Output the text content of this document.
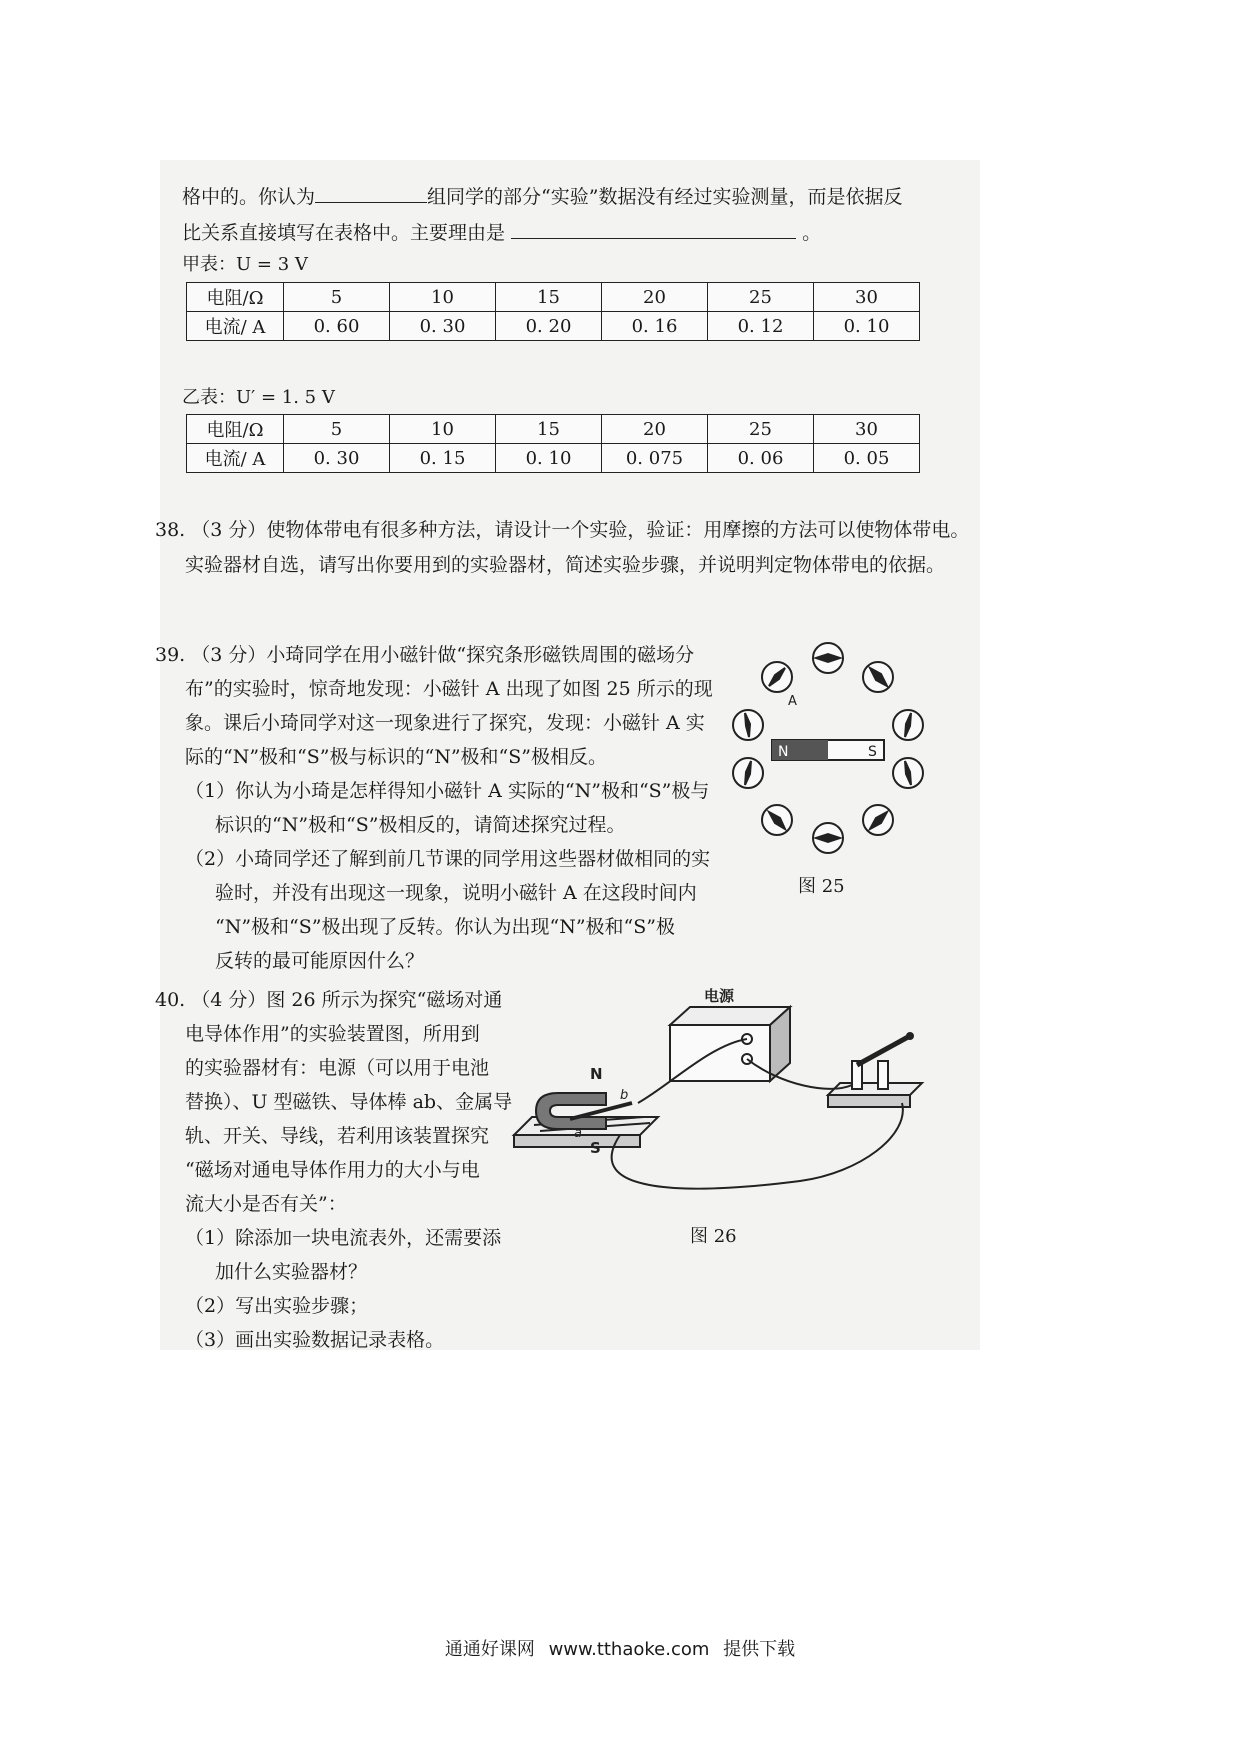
格中的。你认为	组同学的部分“实验”数据没有经过实验测量，而是依据反
比关系直接填写在表格中。主要理由是	。
甲表：U = 3 V
电阻/Ω	5	10	15	20	25	30
电流/ A	0. 60	0. 30	0. 20	0. 16	0. 12	0. 10
乙表：U′ = 1. 5 V
电阻/Ω	5	10	15	20	25	30
电流/ A	0. 30	0. 15	0. 10	0. 075	0. 06	0. 05
38. （3 分）使物体带电有很多种方法，请设计一个实验，验证：用摩擦的方法可以使物体带电。
实验器材自选，请写出你要用到的实验器材，简述实验步骤，并说明判定物体带电的依据。
39. （3 分）小琦同学在用小磁针做“探究条形磁铁周围的磁场分
布”的实验时，惊奇地发现：小磁针 A 出现了如图 25 所示的现
象。课后小琦同学对这一现象进行了探究，发现：小磁针 A 实
际的“N”极和“S”极与标识的“N”极和“S”极相反。
（1）你认为小琦是怎样得知小磁针 A 实际的“N”极和“S”极与
标识的“N”极和“S”极相反的，请简述探究过程。
（2）小琦同学还了解到前几节课的同学用这些器材做相同的实
验时，并没有出现这一现象，说明小磁针 A 在这段时间内
“N”极和“S”极出现了反转。你认为出现“N”极和“S”极
反转的最可能原因什么？
N	S
A
图 25
40. （4 分）图 26 所示为探究“磁场对通
电导体作用”的实验装置图，所用到
的实验器材有：电源（可以用于电池
替换）、U 型磁铁、导体棒 ab、金属导
轨、开关、导线，若利用该装置探究
“磁场对通电导体作用力的大小与电
流大小是否有关”：
（1）除添加一块电流表外，还需要添
加什么实验器材？
（2）写出实验步骤；
（3）画出实验数据记录表格。
电源
N
S
a
b
图 26
通通好课网 www.tthaoke.com 提供下载
